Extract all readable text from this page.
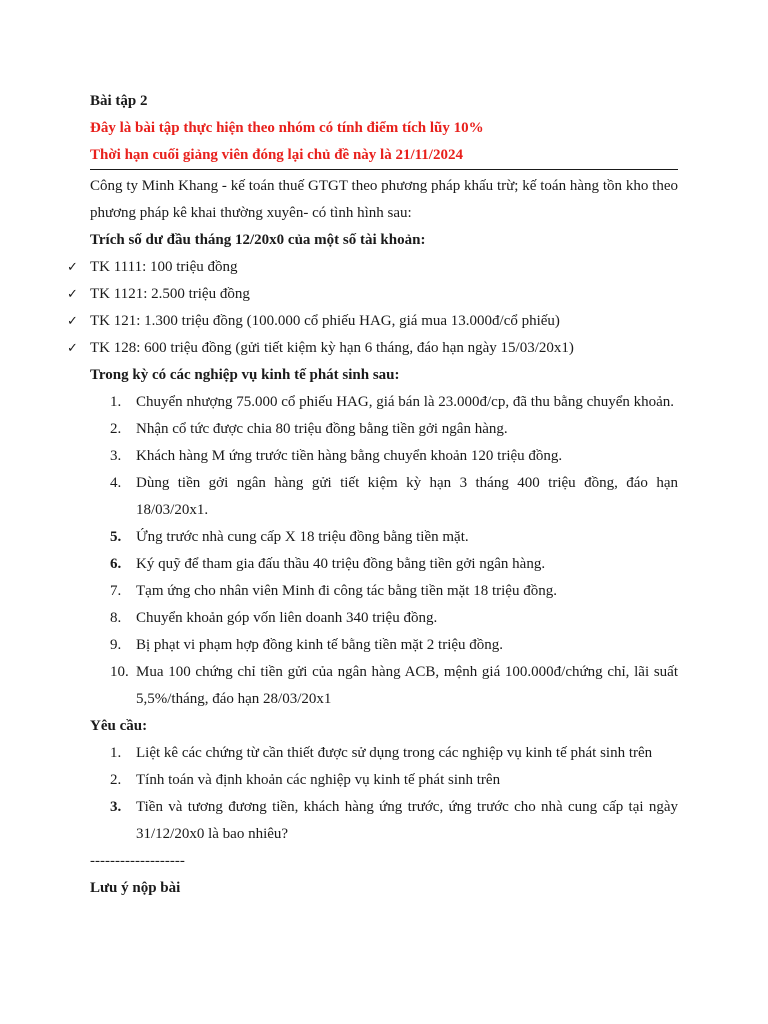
Bài tập 2
Đây là bài tập thực hiện theo nhóm có tính điểm tích lũy 10%
Thời hạn cuối giảng viên đóng lại chủ đề này là 21/11/2024
Công ty Minh Khang - kế toán thuế GTGT theo phương pháp khấu trừ; kế toán hàng tồn kho theo phương pháp kê khai thường xuyên- có tình hình sau:
Trích số dư đầu tháng 12/20x0 của một số tài khoản:
✓ TK 1111: 100 triệu đồng
✓ TK 1121: 2.500 triệu đồng
✓ TK 121: 1.300 triệu đồng (100.000 cổ phiếu HAG, giá mua 13.000đ/cổ phiếu)
✓ TK 128: 600 triệu đồng (gửi tiết kiệm kỳ hạn 6 tháng, đáo hạn ngày 15/03/20x1)
Trong kỳ có các nghiệp vụ kinh tế phát sinh sau:
1. Chuyển nhượng 75.000 cổ phiếu HAG, giá bán là 23.000đ/cp, đã thu bằng chuyển khoản.
2. Nhận cổ tức được chia 80 triệu đồng bằng tiền gởi ngân hàng.
3. Khách hàng M ứng trước tiền hàng bằng chuyển khoản 120 triệu đồng.
4. Dùng tiền gởi ngân hàng gửi tiết kiệm kỳ hạn 3 tháng 400 triệu đồng, đáo hạn 18/03/20x1.
5. Ứng trước nhà cung cấp X 18 triệu đồng bằng tiền mặt.
6. Ký quỹ để tham gia đấu thầu 40 triệu đồng bằng tiền gởi ngân hàng.
7. Tạm ứng cho nhân viên Minh đi công tác bằng tiền mặt 18 triệu đồng.
8. Chuyển khoản góp vốn liên doanh 340 triệu đồng.
9. Bị phạt vi phạm hợp đồng kinh tế bằng tiền mặt 2 triệu đồng.
10. Mua 100 chứng chỉ tiền gửi của ngân hàng ACB, mệnh giá 100.000đ/chứng chỉ, lãi suất 5,5%/tháng, đáo hạn 28/03/20x1
Yêu cầu:
1. Liệt kê các chứng từ cần thiết được sử dụng trong các nghiệp vụ kinh tế phát sinh trên
2. Tính toán và định khoản các nghiệp vụ kinh tế phát sinh trên
3. Tiền và tương đương tiền, khách hàng ứng trước, ứng trước cho nhà cung cấp tại ngày 31/12/20x0 là bao nhiêu?
-------------------
Lưu ý nộp bài
